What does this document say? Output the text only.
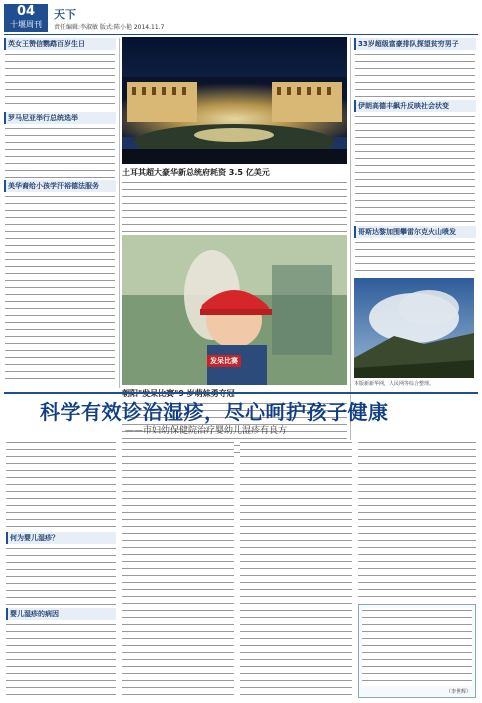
04
十堰周刊
天下
责任编辑:李淑敏 版式:陈小艳 2014.11.7
英女王赞信鹦鹉百岁生日
罗马尼亚举行总统选举
美华裔给小孩学汗裕德法服务
土耳其超大豪华新总统府耗资 3.5 亿美元
发呆比赛
33岁超级富豪排队探望贫穷男子
伊朗高德丰飙升反映社会状变
哥斯达黎加围攀雷尔克火山喷发
本版新新华网，人民网等综合整理。
科学有效诊治湿疹，尽心呵护孩子健康
——市妇幼保健院治疗婴幼儿湿疹有良方
何为婴儿湿疹？
婴儿湿疹的病因
（李世辉）
